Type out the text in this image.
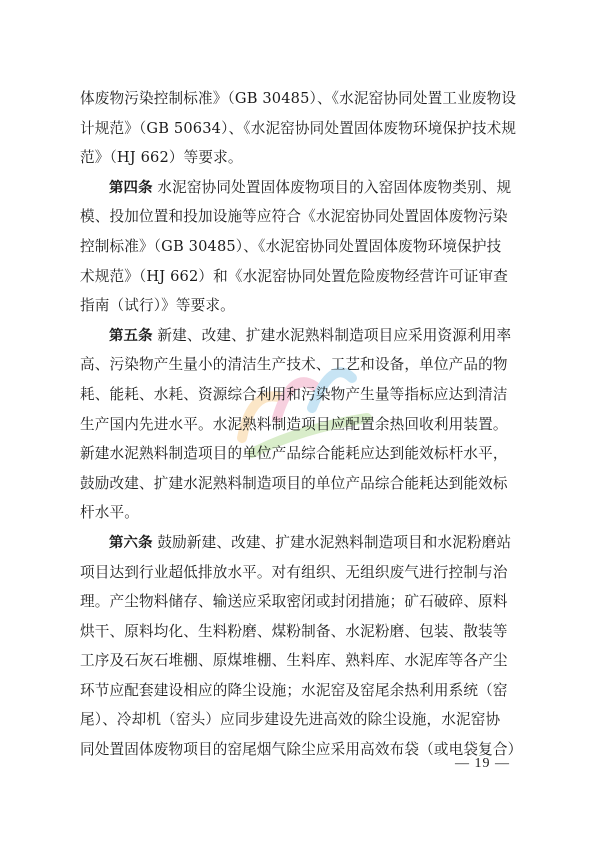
体废物污染控制标准》（GB 30485）、《水泥窑协同处置工业废物设
计规范》（GB 50634）、《水泥窑协同处置固体废物环境保护技术规
范》（HJ 662）等要求。
第四条 水泥窑协同处置固体废物项目的入窑固体废物类别、规
模、投加位置和投加设施等应符合《水泥窑协同处置固体废物污染
控制标准》（GB 30485）、《水泥窑协同处置固体废物环境保护技
术规范》（HJ 662）和《水泥窑协同处置危险废物经营许可证审查
指南（试行）》等要求。
第五条 新建、改建、扩建水泥熟料制造项目应采用资源利用率
高、污染物产生量小的清洁生产技术、工艺和设备，单位产品的物
耗、能耗、水耗、资源综合利用和污染物产生量等指标应达到清洁
生产国内先进水平。水泥熟料制造项目应配置余热回收利用装置。
新建水泥熟料制造项目的单位产品综合能耗应达到能效标杆水平，
鼓励改建、扩建水泥熟料制造项目的单位产品综合能耗达到能效标
杆水平。
第六条 鼓励新建、改建、扩建水泥熟料制造项目和水泥粉磨站
项目达到行业超低排放水平。对有组织、无组织废气进行控制与治
理。产尘物料储存、输送应采取密闭或封闭措施；矿石破碎、原料
烘干、原料均化、生料粉磨、煤粉制备、水泥粉磨、包装、散装等
工序及石灰石堆棚、原煤堆棚、生料库、熟料库、水泥库等各产尘
环节应配套建设相应的降尘设施；水泥窑及窑尾余热利用系统（窑
尾）、冷却机（窑头）应同步建设先进高效的除尘设施，水泥窑协
同处置固体废物项目的窑尾烟气除尘应采用高效布袋（或电袋复合）
— 19 —
